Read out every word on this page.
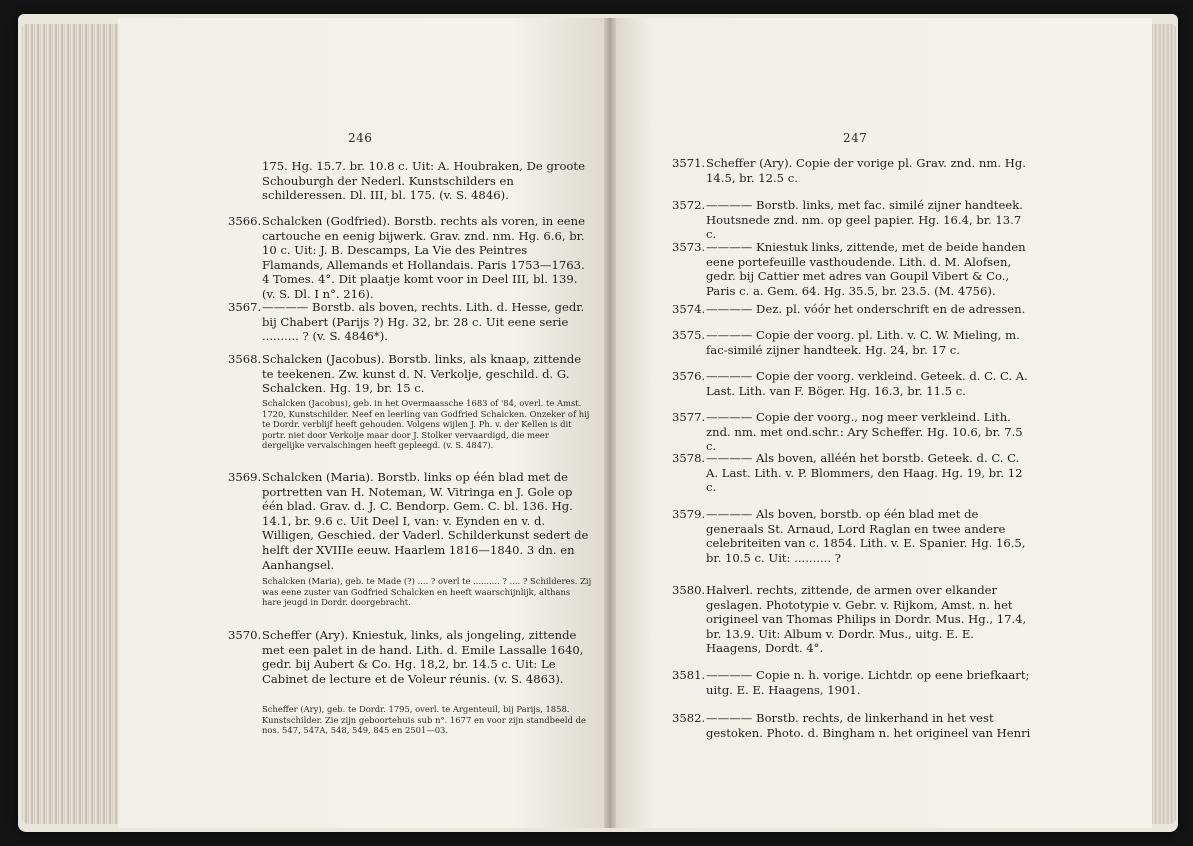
246
175. Hg. 15.7. br. 10.8 c. Uit: A. Houbraken, De groote Schouburgh der Nederl. Kunstschilders en schilderessen. Dl. III, bl. 175. (v. S. 4846).
3566. Schalcken (Godfried). Borstb. rechts als voren, in eene cartouche en eenig bijwerk. Grav. znd. nm. Hg. 6.6, br. 10 c. Uit: J. B. Descamps, La Vie des Peintres Flamands, Allemands et Hollandais. Paris 1753—1763. 4 Tomes. 4°. Dit plaatje komt voor in Deel III, bl. 139. (v. S. Dl. I n°. 216).
3567. ———— Borstb. als boven, rechts. Lith. d. Hesse, gedr. bij Chabert (Parijs ?) Hg. 32, br. 28 c. Uit eene serie .......... ? (v. S. 4846*).
3568. Schalcken (Jacobus). Borstb. links, als knaap, zittende te teekenen. Zw. kunst d. N. Verkolje, geschild. d. G. Schalcken. Hg. 19, br. 15 c.
Schalcken (Jacobus), geb. in het Overmaassche 1683 of '84, overl. te Amst. 1720, Kunstschilder. Neef en leerling van Godfried Schalcken. Onzeker of hij te Dordr. verblijf heeft gehouden. Volgens wijlen J. Ph. v. der Kellen is dit portr. niet door Verkolje maar door J. Stolker vervaardigd, die meer dergelijke vervalschingen heeft gepleegd. (v. S. 4847).
3569. Schalcken (Maria). Borstb. links op één blad met de portretten van H. Noteman, W. Vitringa en J. Gole op één blad. Grav. d. J. C. Bendorp. Gem. C. bl. 136. Hg. 14.1, br. 9.6 c. Uit Deel I, van: v. Eynden en v. d. Willigen, Geschied. der Vaderl. Schilderkunst sedert de helft der XVIIIe eeuw. Haarlem 1816—1840. 3 dn. en Aanhangsel.
Schalcken (Maria), geb. te Made (?) .... ? overl te .......... ? .... ? Schilderes. Zij was eene zuster van Godfried Schalcken en heeft waarschijnlijk, althans hare jeugd in Dordr. doorgebracht.
3570. Scheffer (Ary). Kniestuk, links, als jongeling, zittende met een palet in de hand. Lith. d. Emile Lassalle 1640, gedr. bij Aubert & Co. Hg. 18,2, br. 14.5 c. Uit: Le Cabinet de lecture et de Voleur réunis. (v. S. 4863).
Scheffer (Ary), geb. te Dordr. 1795, overl. te Argenteuil, bij Parijs, 1858. Kunstschilder. Zie zijn geboortehuis sub n°. 1677 en voor zijn standbeeld de nos. 547, 547A, 548, 549, 845 en 2501—03.
247
3571. Scheffer (Ary). Copie der vorige pl. Grav. znd. nm. Hg. 14.5, br. 12.5 c.
3572. ———— Borstb. links, met fac. similé zijner handteek. Houtsnede znd. nm. op geel papier. Hg. 16.4, br. 13.7 c.
3573. ———— Kniestuk links, zittende, met de beide handen eene portefeuille vasthoudende. Lith. d. M. Alofsen, gedr. bij Cattier met adres van Goupil Vibert & Co., Paris c. a. Gem. 64. Hg. 35.5, br. 23.5. (M. 4756).
3574. ———— Dez. pl. vóór het onderschrift en de adressen.
3575. ———— Copie der voorg. pl. Lith. v. C. W. Mieling, m. fac-similé zijner handteek. Hg. 24, br. 17 c.
3576. ———— Copie der voorg. verkleind. Geteek. d. C. C. A. Last. Lith. van F. Böger. Hg. 16.3, br. 11.5 c.
3577. ———— Copie der voorg., nog meer verkleind. Lith. znd. nm. met ond.schr.: Ary Scheffer. Hg. 10.6, br. 7.5 c.
3578. ———— Als boven, alléén het borstb. Geteek. d. C. C. A. Last. Lith. v. P. Blommers, den Haag. Hg. 19, br. 12 c.
3579. ———— Als boven, borstb. op één blad met de generaals St. Arnaud, Lord Raglan en twee andere celebriteiten van c. 1854. Lith. v. E. Spanier. Hg. 16.5, br. 10.5 c. Uit: .......... ?
3580. Halverl. rechts, zittende, de armen over elkander geslagen. Phototypie v. Gebr. v. Rijkom, Amst. n. het origineel van Thomas Philips in Dordr. Mus. Hg., 17.4, br. 13.9. Uit: Album v. Dordr. Mus., uitg. E. E. Haagens, Dordt. 4°.
3581. ———— Copie n. h. vorige. Lichtdr. op eene briefkaart; uitg. E. E. Haagens, 1901.
3582. ———— Borstb. rechts, de linkerhand in het vest gestoken. Photo. d. Bingham n. het origineel van Henri
